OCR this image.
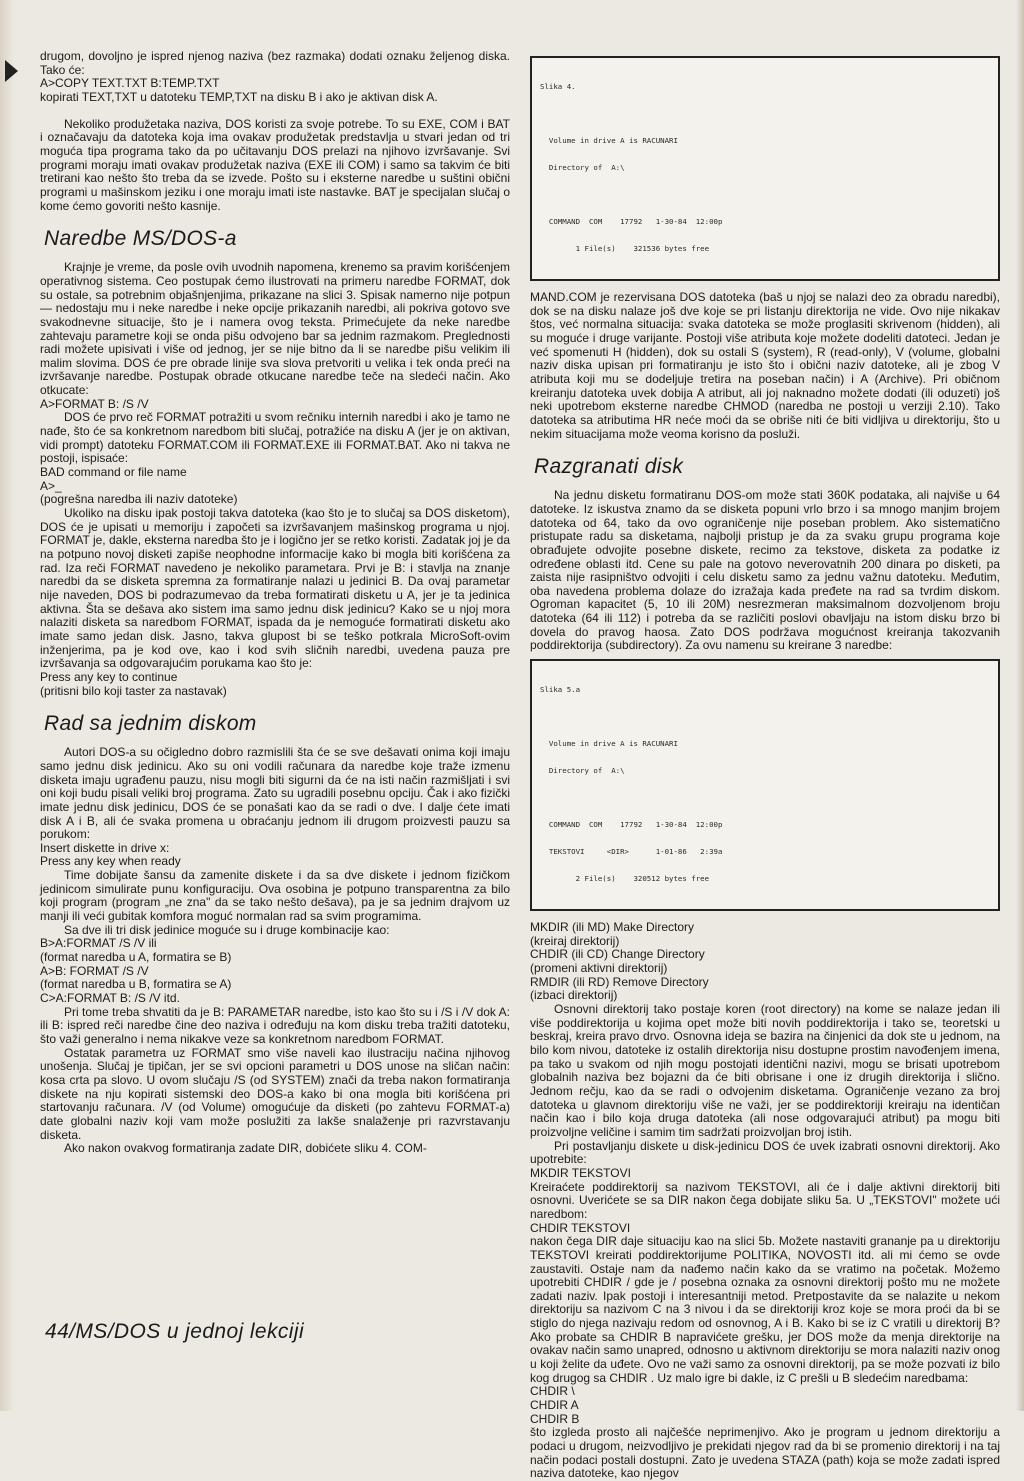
drugom, dovoljno je ispred njenog naziva (bez razmaka) dodati oznaku željenog diska. Tako će:

A>COPY TEXT.TXT B:TEMP.TXT

kopirati TEXT,TXT u datoteku TEMP,TXT na disku B i ako je aktivan disk A.

Nekoliko produžetaka naziva, DOS koristi za svoje potrebe. To su EXE, COM i BAT i označavaju da datoteka koja ima ovakav produžetak predstavlja u stvari jedan od tri moguća tipa programa tako da po učitavanju DOS prelazi na njihovo izvršavanje. Svi programi moraju imati ovakav produžetak naziva (EXE ili COM) i samo sa takvim će biti tretirani kao nešto što treba da se izvede. Pošto su i eksterne naredbe u suštini obični programi u mašinskom jeziku i one moraju imati iste nastavke. BAT je specijalan slučaj o kome ćemo govoriti nešto kasnije.

Naredbe MS/DOS-a

Krajnje je vreme, da posle ovih uvodnih napomena, krenemo sa pravim korišćenjem operativnog sistema. Ceo postupak ćemo ilustrovati na primeru naredbe FORMAT, dok su ostale, sa potrebnim objašnjenjima, prikazane na slici 3. Spisak namerno nije potpun — nedostaju mu i neke naredbe i neke opcije prikazanih naredbi, ali pokriva gotovo sve svakodnevne situacije, što je i namera ovog teksta. Primećujete da neke naredbe zahtevaju parametre koji se onda pišu odvojeno bar sa jednim razmakom. Preglednosti radi možete upisivati i više od jednog, jer se nije bitno da li se naredbe pišu velikim ili malim slovima. DOS će pre obrade linije sva slova pretvoriti u velika i tek onda preći na izvršavanje naredbe. Postupak obrade otkucane naredbe teče na sledeći način. Ako otkucate:

A>FORMAT B: /S /V

DOS će prvo reč FORMAT potražiti u svom rečniku internih naredbi i ako je tamo ne nađe, što će sa konkretnom naredbom biti slučaj, potražiće na disku A (jer je on aktivan, vidi prompt) datoteku FORMAT.COM ili FORMAT.EXE ili FORMAT.BAT. Ako ni takva ne postoji, ispisaće:

BAD command or file name

A>_

(pogrešna naredba ili naziv datoteke)

Ukoliko na disku ipak postoji takva datoteka (kao što je to slučaj sa DOS disketom), DOS će je upisati u memoriju i započeti sa izvršavanjem mašinskog programa u njoj. FORMAT je, dakle, eksterna naredba što je i logično jer se retko koristi. Zadatak joj je da na potpuno novoj disketi zapiše neophodne informacije kako bi mogla biti korišćena za rad. Iza reči FORMAT navedeno je nekoliko parametara. Prvi je B: i stavlja na znanje naredbi da se disketa spremna za formatiranje nalazi u jedinici B. Da ovaj parametar nije naveden, DOS bi podrazumevao da treba formatirati disketu u A, jer je ta jedinica aktivna. Šta se dešava ako sistem ima samo jednu disk jedinicu? Kako se u njoj mora nalaziti disketa sa naredbom FORMAT, ispada da je nemoguće formatirati disketu ako imate samo jedan disk. Jasno, takva glupost bi se teško potkrala MicroSoft-ovim inženjerima, pa je kod ove, kao i kod svih sličnih naredbi, uvedena pauza pre izvršavanja sa odgovarajućim porukama kao što je:

Press any key to continue

(pritisni bilo koji taster za nastavak)

Rad sa jednim diskom

Autori DOS-a su očigledno dobro razmislili šta će se sve dešavati onima koji imaju samo jednu disk jedinicu. Ako su oni vodili računara da naredbe koje traže izmenu disketa imaju ugrađenu pauzu, nisu mogli biti sigurni da će na isti način razmišljati i svi oni koji budu pisali veliki broj programa. Zato su ugradili posebnu opciju. Čak i ako fizički imate jednu disk jedinicu, DOS će se ponašati kao da se radi o dve. I dalje ćete imati disk A i B, ali će svaka promena u obraćanju jednom ili drugom proizvesti pauzu sa porukom:

Insert diskette in drive x:

Press any key when ready

Time dobijate šansu da zamenite diskete i da sa dve diskete i jednom fizičkom jedinicom simulirate punu konfiguraciju. Ova osobina je potpuno transparentna za bilo koji program (program „ne zna" da se tako nešto dešava), pa je sa jednim drajvom uz manji ili veći gubitak komfora moguć normalan rad sa svim programima.

Sa dve ili tri disk jedinice moguće su i druge kombinacije kao:

B>A:FORMAT /S /V ili

(format naredba u A, formatira se B)

A>B: FORMAT /S /V

(format naredba u B, formatira se A)

C>A:FORMAT B: /S /V itd.

Pri tome treba shvatiti da je B: PARAMETAR naredbe, isto kao što su i /S i /V dok A: ili B: ispred reči naredbe čine deo naziva i određuju na kom disku treba tražiti datoteku, što važi generalno i nema nikakve veze sa konkretnom naredbom FORMAT.

Ostatak parametra uz FORMAT smo više naveli kao ilustraciju načina njihovog unošenja. Slučaj je tipičan, jer se svi opcioni parametri u DOS unose na sličan način: kosa crta pa slovo. U ovom slučaju /S (od SYSTEM) znači da treba nakon formatiranja diskete na nju kopirati sistemski deo DOS-a kako bi ona mogla biti korišćena pri startovanju računara. /V (od Volume) omogućuje da disketi (po zahtevu FORMAT-a) date globalni naziv koji vam može poslužiti za lakše snalaženje pri razvrstavanju disketa.

Ako nakon ovakvog formatiranja zadate DIR, dobićete sliku 4. COM-

Slika 4.

Volume in drive A is RACUNARI

Directory of  A:\

COMMAND  COM    17792   1-30-84  12:00p

1 File(s)    321536 bytes free

MAND.COM je rezervisana DOS datoteka (baš u njoj se nalazi deo za obradu naredbi), dok se na disku nalaze još dve koje se pri listanju direktorija ne vide. Ovo nije nikakav štos, već normalna situacija: svaka datoteka se može proglasiti skrivenom (hidden), ali su moguće i druge varijante. Postoji više atributa koje možete dodeliti datoteci. Jedan je već spomenuti H (hidden), dok su ostali S (system), R (read-only), V (volume, globalni naziv diska upisan pri formatiranju je isto što i obični naziv datoteke, ali je zbog V atributa koji mu se dodeljuje tretira na poseban način) i A (Archive). Pri običnom kreiranju datoteka uvek dobija A atribut, ali joj naknadno možete dodati (ili oduzeti) još neki upotrebom eksterne naredbe CHMOD (naredba ne postoji u verziji 2.10). Tako datoteka sa atributima HR neće moći da se obriše niti će biti vidljiva u direktoriju, što u nekim situacijama može veoma korisno da posluži.

Razgranati disk

Na jednu disketu formatiranu DOS-om može stati 360K podataka, ali najviše u 64 datoteke. Iz iskustva znamo da se disketa popuni vrlo brzo i sa mnogo manjim brojem datoteka od 64, tako da ovo ograničenje nije poseban problem. Ako sistematično pristupate radu sa disketama, najbolji pristup je da za svaku grupu programa koje obrađujete odvojite posebne diskete, recimo za tekstove, disketa za podatke iz određene oblasti itd. Cene su pale na gotovo neverovatnih 200 dinara po disketi, pa zaista nije rasipništvo odvojiti i celu disketu samo za jednu važnu datoteku. Međutim, oba navedena problema dolaze do izražaja kada pređete na rad sa tvrdim diskom. Ogroman kapacitet (5, 10 ili 20M) nesrezmeran maksimalnom dozvoljenom broju datoteka (64 ili 112) i potreba da se različiti poslovi obavljaju na istom disku brzo bi dovela do pravog haosa. Zato DOS podržava mogućnost kreiranja takozvanih poddirektorija (subdirectory). Za ovu namenu su kreirane 3 naredbe:

Slika 5.a

Volume in drive A is RACUNARI

Directory of  A:\

COMMAND  COM    17792   1-30-84  12:00p

TEKSTOVI     <DIR>      1-01-86   2:39a

2 File(s)    320512 bytes free

MKDIR (ili MD) Make Directory

(kreiraj direktorij)

CHDIR (ili CD) Change Directory

(promeni aktivni direktorij)

RMDIR (ili RD) Remove Directory

(izbaci direktorij)

Osnovni direktorij tako postaje koren (root directory) na kome se nalaze jedan ili više poddirektorija u kojima opet može biti novih poddirektorija i tako se, teoretski u beskraj, kreira pravo drvo. Osnovna ideja se bazira na činjenici da dok ste u jednom, na bilo kom nivou, datoteke iz ostalih direktorija nisu dostupne prostim navođenjem imena, pa tako u svakom od njih mogu postojati identični nazivi, mogu se brisati upotrebom globalnih naziva bez bojazni da će biti obrisane i one iz drugih direktorija i slično. Jednom rečju, kao da se radi o odvojenim disketama. Ograničenje vezano za broj datoteka u glavnom direktoriju više ne važi, jer se poddirektoriji kreiraju na identičan način kao i bilo koja druga datoteka (ali nose odgovarajući atribut) pa mogu biti proizvoljne veličine i samim tim sadržati proizvoljan broj istih.

Pri postavljanju diskete u disk-jedinicu DOS će uvek izabrati osnovni direktorij. Ako upotrebite:

MKDIR TEKSTOVI

Kreiraćete poddirektorij sa nazivom TEKSTOVI, ali će i dalje aktivni direktorij biti osnovni. Uverićete se sa DIR nakon čega dobijate sliku 5a. U „TEKSTOVI" možete ući naredbom:

CHDIR TEKSTOVI

nakon čega DIR daje situaciju kao na slici 5b. Možete nastaviti grananje pa u direktoriju TEKSTOVI kreirati poddirektorijume POLITIKA, NOVOSTI itd. ali mi ćemo se ovde zaustaviti. Ostaje nam da nađemo način kako da se vratimo na početak. Možemo upotrebiti CHDIR / gde je / posebna oznaka za osnovni direktorij pošto mu ne možete zadati naziv. Ipak postoji i interesantniji metod. Pretpostavite da se nalazite u nekom direktoriju sa nazivom C na 3 nivou i da se direktoriji kroz koje se mora proći da bi se stiglo do njega nazivaju redom od osnovnog, A i B. Kako bi se iz C vratili u direktorij B? Ako probate sa CHDIR B napravićete grešku, jer DOS može da menja direktorije na ovakav način samo unapred, odnosno u aktivnom direktoriju se mora nalaziti naziv onog u koji želite da uđete. Ovo ne važi samo za osnovni direktorij, pa se može pozvati iz bilo kog drugog sa CHDIR . Uz malo igre bi dakle, iz C prešli u B sledećim naredbama:

CHDIR \

CHDIR A

CHDIR B

što izgleda prosto ali najčešće neprimenjivo. Ako je program u jednom direktoriju a podaci u drugom, neizvodljivo je prekidati njegov rad da bi se promenio direktorij i na taj način podaci postali dostupni. Zato je uvedena STAZA (path) koja se može zadati ispred naziva datoteke, kao njegov

44/MS/DOS u jednoj lekciji
